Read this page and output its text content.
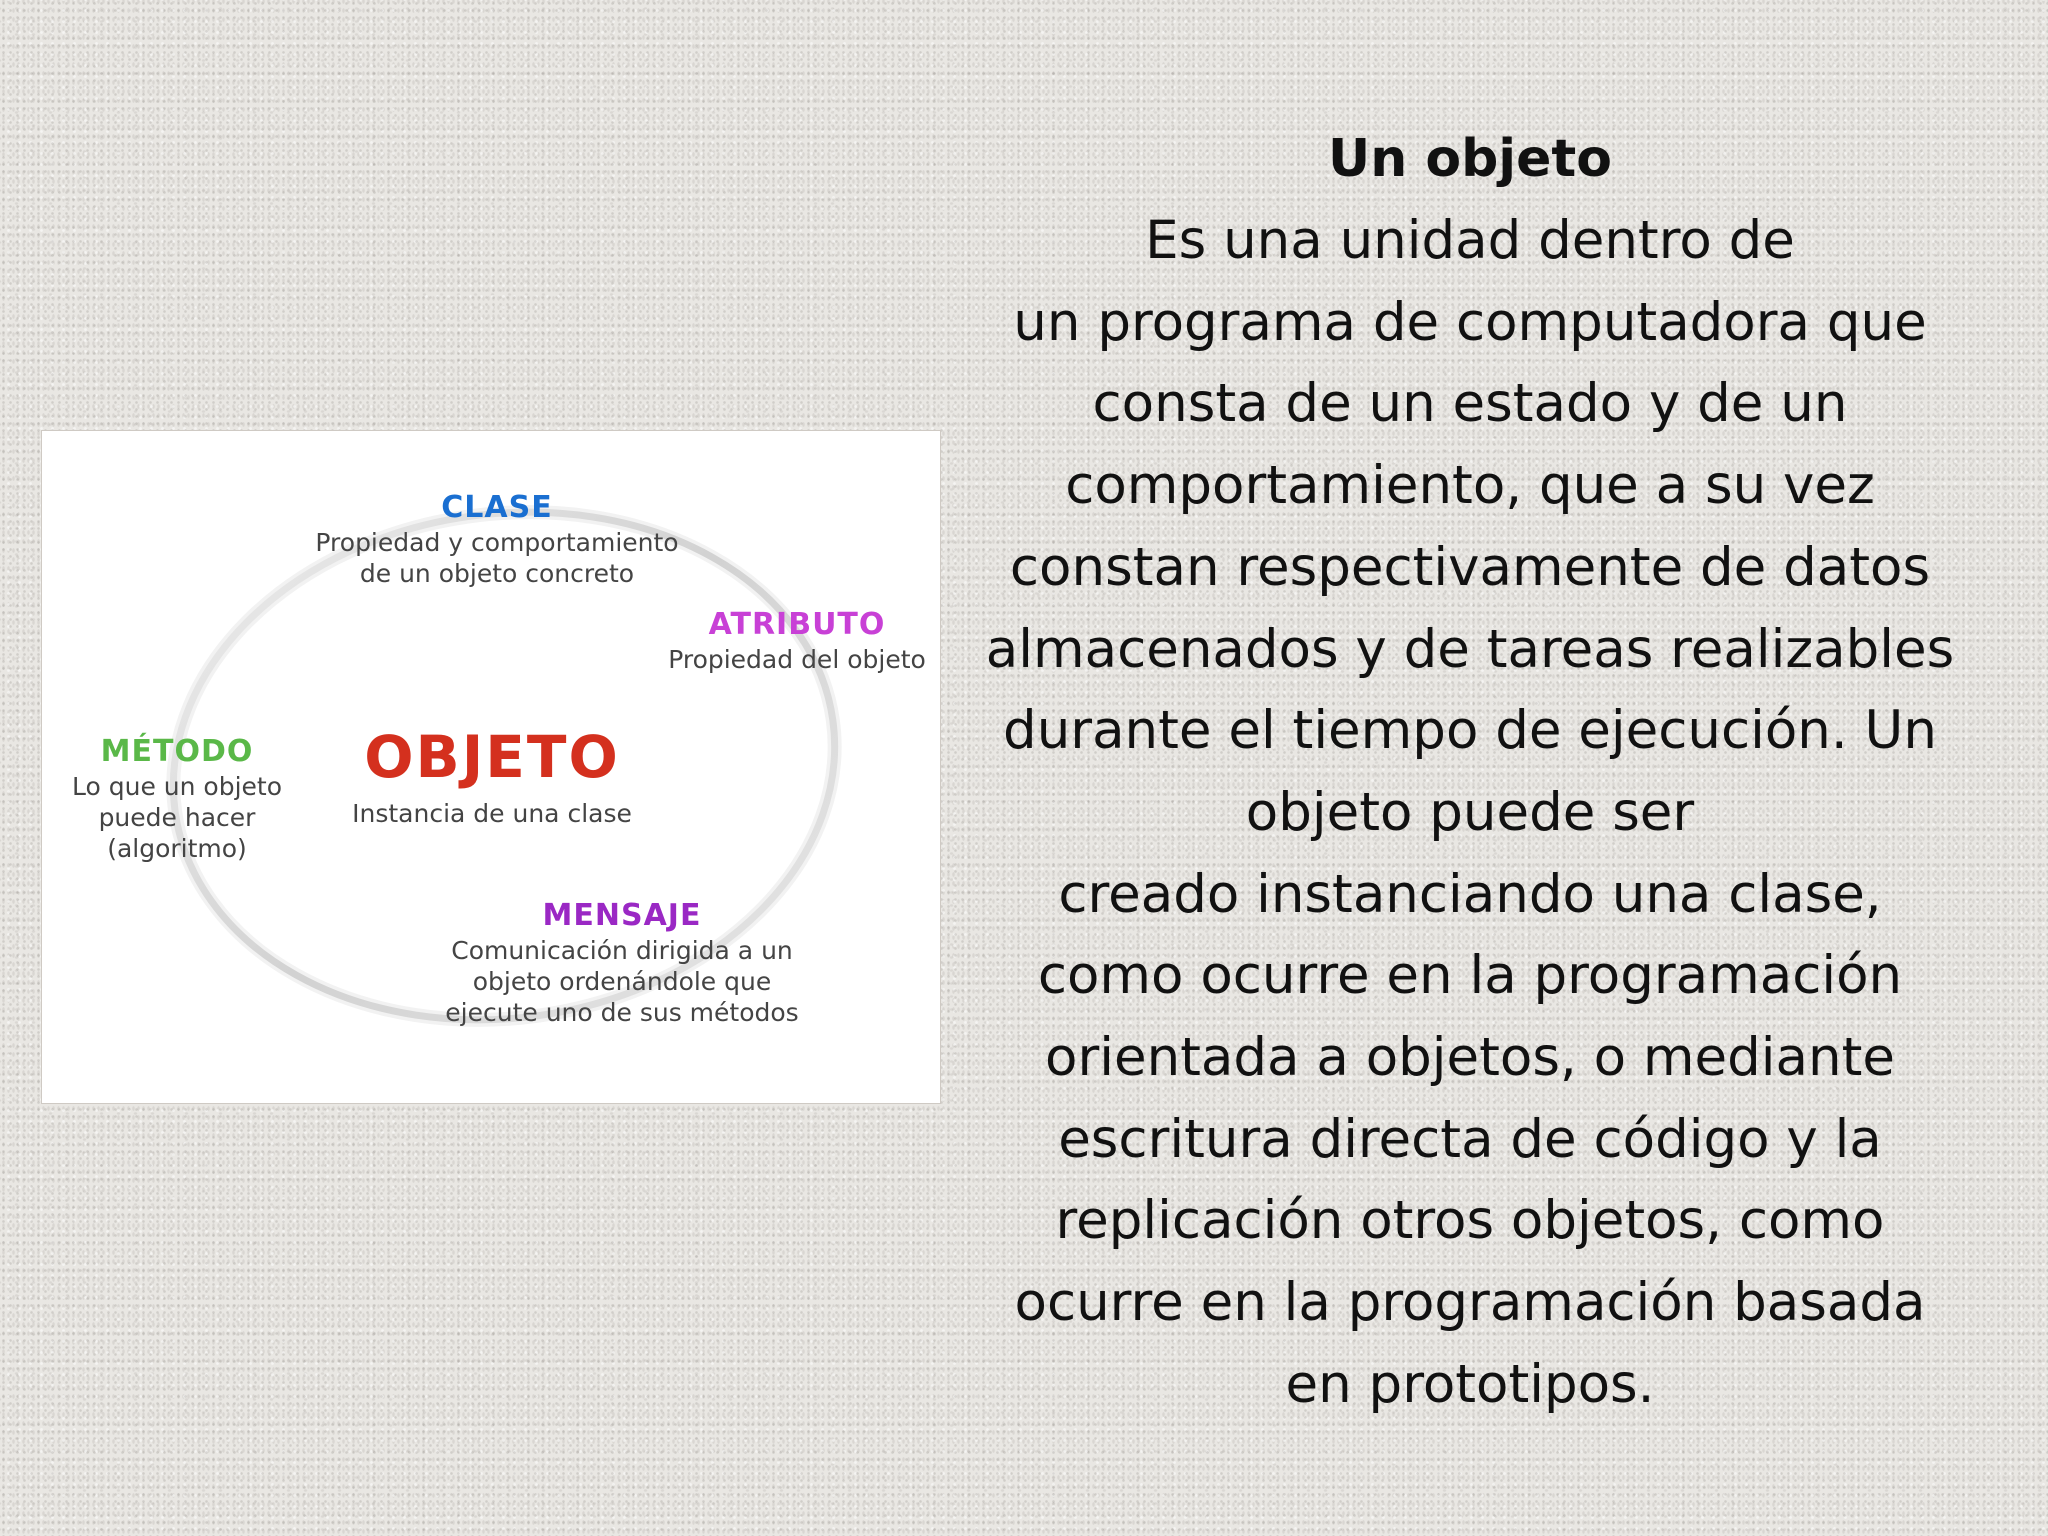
CLASE
Propiedad y comportamiento
de un objeto concreto
ATRIBUTO
Propiedad del objeto
MÉTODO
Lo que un objeto
puede hacer
(algoritmo)
OBJETO
Instancia de una clase
MENSAJE
Comunicación dirigida a un
objeto ordenándole que
ejecute uno de sus métodos
Un objeto
Es una unidad dentro de
un programa de computadora que
consta de un estado y de un
comportamiento, que a su vez
constan respectivamente de datos
almacenados y de tareas realizables
durante el tiempo de ejecución. Un
objeto puede ser
creado instanciando una clase,
como ocurre en la programación
orientada a objetos, o mediante
escritura directa de código y la
replicación otros objetos, como
ocurre en la programación basada
en prototipos.
